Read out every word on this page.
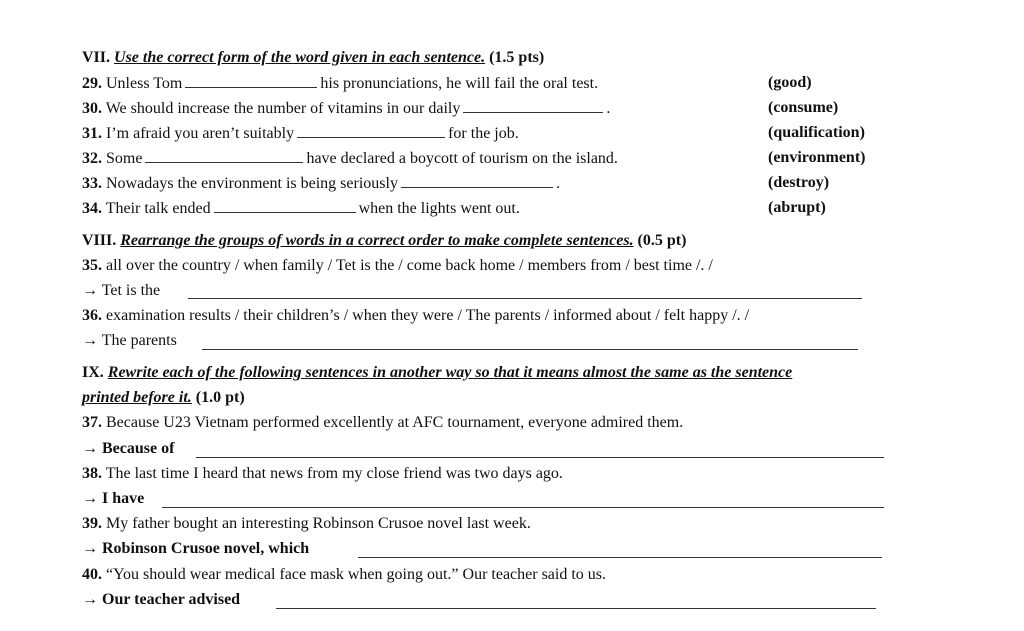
VII. Use the correct form of the word given in each sentence. (1.5 pts)
29. Unless Tom	his pronunciations, he will fail the oral test.	(good)
30. We should increase the number of vitamins in our daily	.	(consume)
31. I’m afraid you aren’t suitably	for the job.	(qualification)
32. Some	have declared a boycott of tourism on the island.	(environment)
33. Nowadays the environment is being seriously	.	(destroy)
34. Their talk ended	when the lights went out.	(abrupt)
VIII. Rearrange the groups of words in a correct order to make complete sentences. (0.5 pt)
35. all over the country / when family / Tet is the / come back home / members from / best time /. /
→ Tet is the
36. examination results / their children’s / when they were / The parents / informed about / felt happy /. /
→ The parents
IX. Rewrite each of the following sentences in another way so that it means almost the same as the sentence
printed before it. (1.0 pt)
37. Because U23 Vietnam performed excellently at AFC tournament, everyone admired them.
→ Because of
38. The last time I heard that news from my close friend was two days ago.
→ I have
39. My father bought an interesting Robinson Crusoe novel last week.
→ Robinson Crusoe novel, which
40. “You should wear medical face mask when going out.” Our teacher said to us.
→ Our teacher advised
